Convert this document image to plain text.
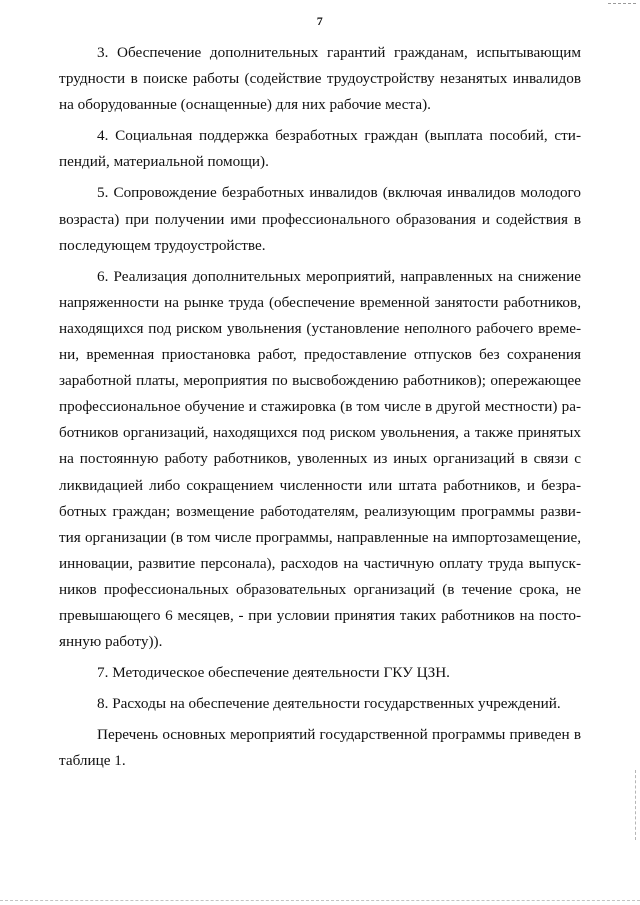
7

3. Обеспечение дополнительных гарантий гражданам, испытывающим трудности в поиске работы (содействие трудоустройству незанятых инвалидов на оборудованные (оснащенные) для них рабочие места).

4. Социальная поддержка безработных граждан (выплата пособий, стипендий, материальной помощи).

5. Сопровождение безработных инвалидов (включая инвалидов молодого возраста) при получении ими профессионального образования и содействия в последующем трудоустройстве.

6. Реализация дополнительных мероприятий, направленных на снижение напряженности на рынке труда (обеспечение временной занятости работников, находящихся под риском увольнения (установление неполного рабочего времени, временная приостановка работ, предоставление отпусков без сохранения заработной платы, мероприятия по высвобождению работников); опережающее профессиональное обучение и стажировка (в том числе в другой местности) работников организаций, находящихся под риском увольнения, а также принятых на постоянную работу работников, уволенных из иных организаций в связи с ликвидацией либо сокращением численности или штата работников, и безработных граждан; возмещение работодателям, реализующим программы развития организации (в том числе программы, направленные на импортозамещение, инновации, развитие персонала), расходов на частичную оплату труда выпускников профессиональных образовательных организаций (в течение срока, не превышающего 6 месяцев, - при условии принятия таких работников на постоянную работу)).

7. Методическое обеспечение деятельности ГКУ ЦЗН.

8. Расходы на обеспечение деятельности государственных учреждений.

Перечень основных мероприятий государственной программы приведен в таблице 1.
